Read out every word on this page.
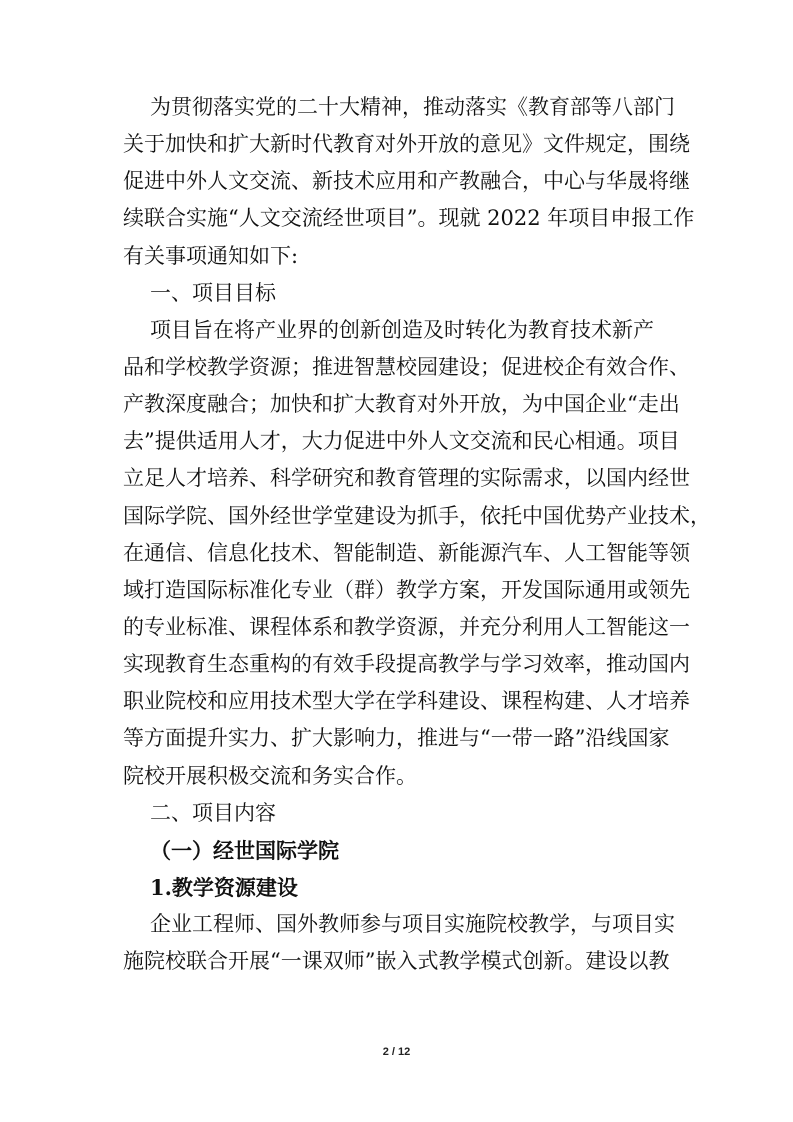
为贯彻落实党的二十大精神，推动落实《教育部等八部门
关于加快和扩大新时代教育对外开放的意见》文件规定，围绕
促进中外人文交流、新技术应用和产教融合，中心与华晟将继
续联合实施“人文交流经世项目”。现就 2022 年项目申报工作
有关事项通知如下:
一、项目目标
项目旨在将产业界的创新创造及时转化为教育技术新产
品和学校教学资源；推进智慧校园建设；促进校企有效合作、
产教深度融合；加快和扩大教育对外开放，为中国企业“走出
去”提供适用人才，大力促进中外人文交流和民心相通。项目
立足人才培养、科学研究和教育管理的实际需求，以国内经世
国际学院、国外经世学堂建设为抓手，依托中国优势产业技术，
在通信、信息化技术、智能制造、新能源汽车、人工智能等领
域打造国际标准化专业（群）教学方案，开发国际通用或领先
的专业标准、课程体系和教学资源，并充分利用人工智能这一
实现教育生态重构的有效手段提高教学与学习效率，推动国内
职业院校和应用技术型大学在学科建设、课程构建、人才培养
等方面提升实力、扩大影响力，推进与“一带一路”沿线国家
院校开展积极交流和务实合作。
二、项目内容
（一）经世国际学院
1.教学资源建设
企业工程师、国外教师参与项目实施院校教学，与项目实
施院校联合开展“一课双师”嵌入式教学模式创新。建设以教
2 / 12
